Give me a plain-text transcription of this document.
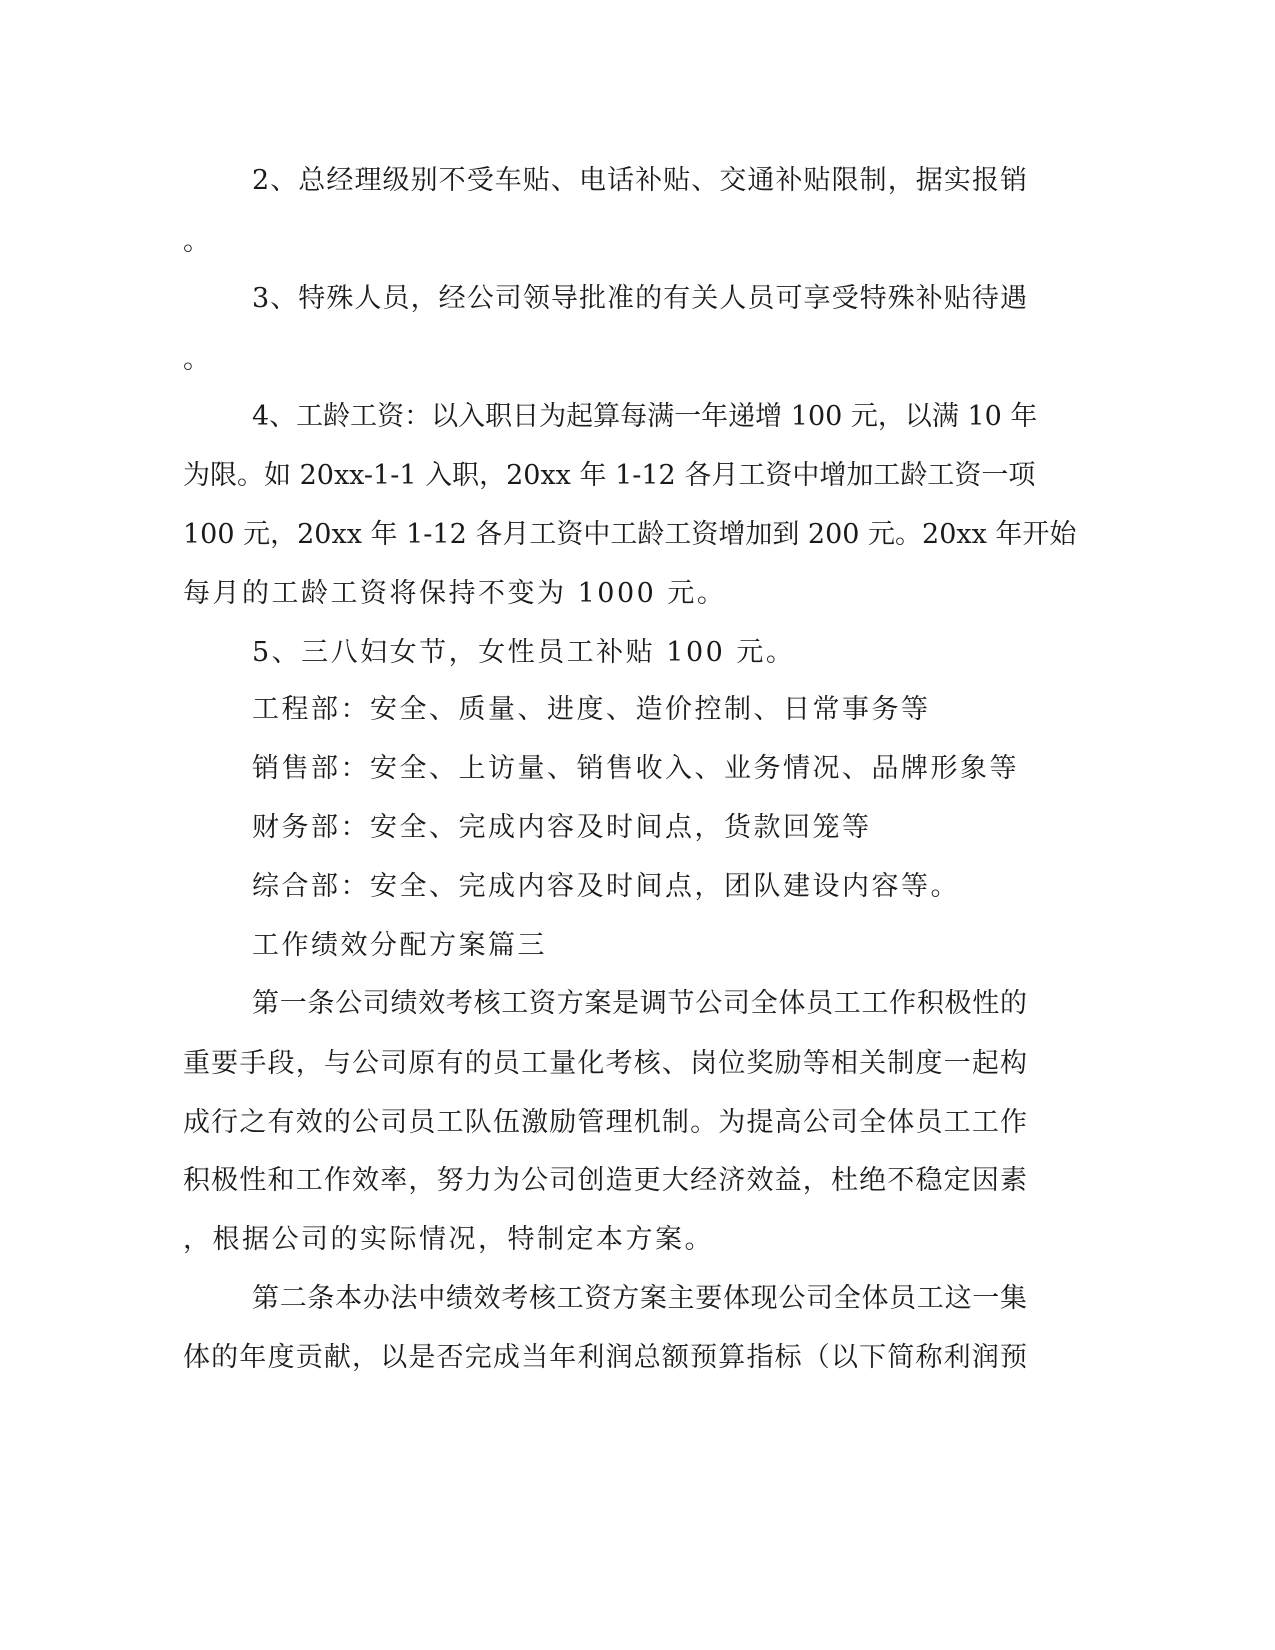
2、总经理级别不受车贴、电话补贴、交通补贴限制，据实报销
。
3、特殊人员，经公司领导批准的有关人员可享受特殊补贴待遇
。
4、工龄工资：以入职日为起算每满一年递增 100 元，以满 10 年
为限。如 20xx-1-1 入职，20xx 年 1-12 各月工资中增加工龄工资一项
100 元，20xx 年 1-12 各月工资中工龄工资增加到 200 元。20xx 年开始
每月的工龄工资将保持不变为 1000 元。
5、三八妇女节，女性员工补贴 100 元。
工程部：安全、质量、进度、造价控制、日常事务等
销售部：安全、上访量、销售收入、业务情况、品牌形象等
财务部：安全、完成内容及时间点，货款回笼等
综合部：安全、完成内容及时间点，团队建设内容等。
工作绩效分配方案篇三
第一条公司绩效考核工资方案是调节公司全体员工工作积极性的
重要手段，与公司原有的员工量化考核、岗位奖励等相关制度一起构
成行之有效的公司员工队伍激励管理机制。为提高公司全体员工工作
积极性和工作效率，努力为公司创造更大经济效益，杜绝不稳定因素
，根据公司的实际情况，特制定本方案。
第二条本办法中绩效考核工资方案主要体现公司全体员工这一集
体的年度贡献，以是否完成当年利润总额预算指标（以下简称利润预
